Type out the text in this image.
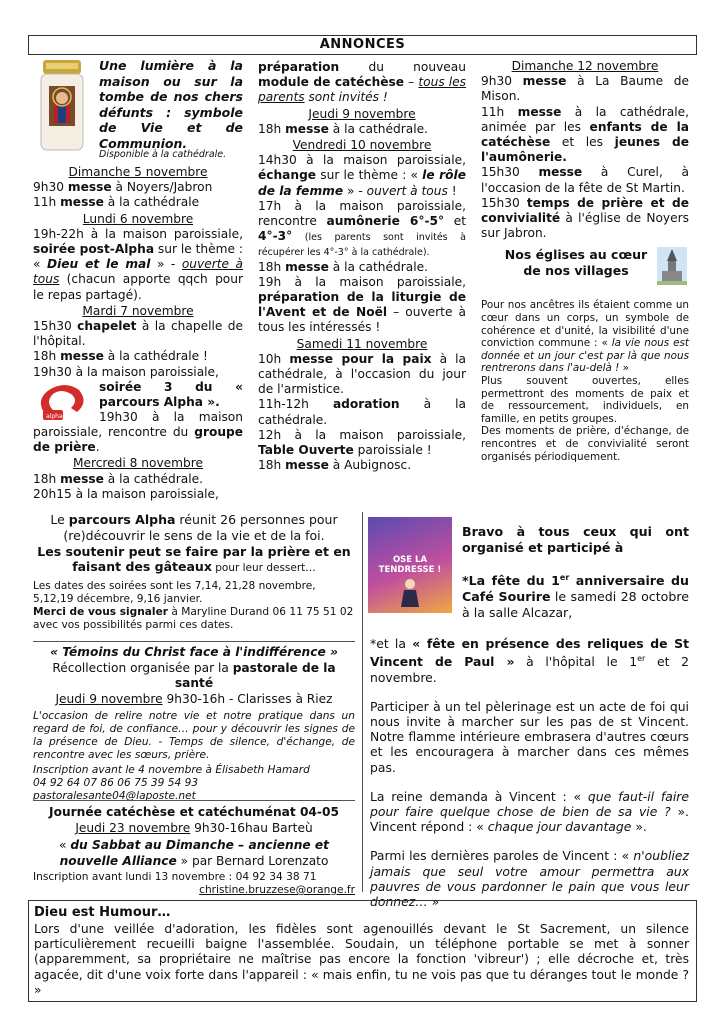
ANNONCES
Une lumière à la maison ou sur la tombe de nos chers défunts : symbole de Vie et de Communion.
Disponible à la cathédrale.

Dimanche 5 novembre

9h30 messe à Noyers/Jabron

11h messe à la cathédrale

Lundi 6 novembre

19h-22h à la maison paroissiale, soirée post-Alpha sur le thème : « Dieu et le mal » - ouverte à tous (chacun apporte qqch pour le repas partagé).

Mardi 7 novembre

15h30 chapelet à la chapelle de l'hôpital.

18h messe à la cathédrale !

19h30 à la maison paroissiale,

alpha
soirée 3 du « parcours Alpha ».

19h30 à la maison paroissiale, rencontre du groupe de prière.

Mercredi 8 novembre

18h messe à la cathédrale.

20h15 à la maison paroissiale,

préparation du nouveau module de catéchèse – tous les parents sont invités !

Jeudi 9 novembre

18h messe à la cathédrale.

Vendredi 10 novembre

14h30 à la maison paroissiale, échange sur le thème : « le rôle de la femme » - ouvert à tous !

17h à la maison paroissiale, rencontre aumônerie 6°-5° et 4°-3° (les parents sont invités à récupérer les 4°-3° à la cathédrale).

18h messe à la cathédrale.

19h à la maison paroissiale, préparation de la liturgie de l'Avent et de Noël – ouverte à tous les intéressés !

Samedi 11 novembre

10h messe pour la paix à la cathédrale, à l'occasion du jour de l'armistice.

11h-12h adoration à la cathédrale.

12h à la maison paroissiale, Table Ouverte paroissiale !

18h messe à Aubignosc.

Dimanche 12 novembre

9h30 messe à La Baume de Mison.

11h messe à la cathédrale, animée par les enfants de la catéchèse et les jeunes de l'aumônerie.

15h30 messe à Curel, à l'occasion de la fête de St Martin.

15h30 temps de prière et de convivialité à l'église de Noyers sur Jabron.

Nos églises au cœur de nos villages

Pour nos ancêtres ils étaient comme un cœur dans un corps, un symbole de cohérence et d'unité, la visibilité d'une conviction commune : « la vie nous est donnée et un jour c'est par là que nous rentrerons dans l'au-delà ! »

Plus souvent ouvertes, elles permettront des moments de paix et de ressourcement, individuels, en famille, en petits groupes.

Des moments de prière, d'échange, de rencontres et de convivialité seront organisés périodiquement.

Le parcours Alpha réunit 26 personnes pour (re)découvrir le sens de la vie et de la foi.

Les soutenir peut se faire par la prière et en faisant des gâteaux pour leur dessert…

Les dates des soirées sont les 7,14, 21,28 novembre, 5,12,19 décembre, 9,16 janvier.

Merci de vous signaler à Maryline Durand 06 11 75 51 02 avec vos possibilités parmi ces dates.

« Témoins du Christ face à l'indifférence »

Récollection organisée par la pastorale de la santé

Jeudi 9 novembre 9h30-16h - Clarisses à Riez

L'occasion de relire notre vie et notre pratique dans un regard de foi, de confiance… pour y découvrir les signes de la présence de Dieu. - Temps de silence, d'échange, de rencontre avec les sœurs, prière.

Inscription avant le 4 novembre à Élisabeth Hamard

04 92 64 07 86 06 75 39 54 93

pastoralesante04@laposte.net

Journée catéchèse et catéchuménat 04-05

Jeudi 23 novembre 9h30-16hau Barteù

« du Sabbat au Dimanche – ancienne et nouvelle Alliance » par Bernard Lorenzato

Inscription avant lundi 13 novembre : 04 92 34 38 71

christine.bruzzese@orange.fr

OSE LA TENDRESSE !

Bravo à tous ceux qui ont organisé et participé à

*La fête du 1er anniversaire du Café Sourire le samedi 28 octobre à la salle Alcazar,

*et la « fête en présence des reliques de St Vincent de Paul » à l'hôpital le 1er et 2 novembre.

Participer à un tel pèlerinage est un acte de foi qui nous invite à marcher sur les pas de st Vincent. Notre flamme intérieure embrasera d'autres cœurs et les encouragera à marcher dans ces mêmes pas.

La reine demanda à Vincent : « que faut-il faire pour faire quelque chose de bien de sa vie ? ». Vincent répond : « chaque jour davantage ».

Parmi les dernières paroles de Vincent : « n'oubliez jamais que seul votre amour permettra aux pauvres de vous pardonner le pain que vous leur donnez… »

Dieu est Humour…

Lors d'une veillée d'adoration, les fidèles sont agenouillés devant le St Sacrement, un silence particulièrement recueilli baigne l'assemblée. Soudain, un téléphone portable se met à sonner (apparemment, sa propriétaire ne maîtrise pas encore la fonction 'vibreur') ; elle décroche et, très agacée, dit d'une voix forte dans l'appareil : « mais enfin, tu ne vois pas que tu déranges tout le monde ? »
